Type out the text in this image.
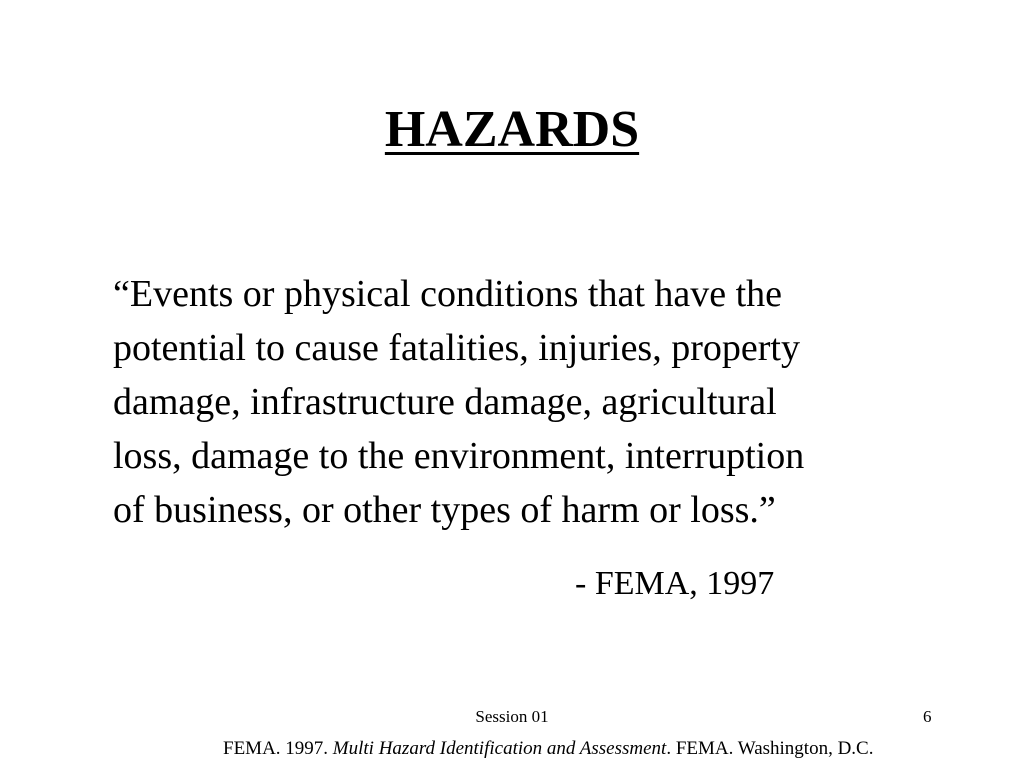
HAZARDS
“Events or physical conditions that have the
potential to cause fatalities, injuries, property
damage, infrastructure damage, agricultural
loss, damage to the environment, interruption
of business, or other types of harm or loss.”
- FEMA, 1997
Session 01	6
FEMA. 1997. Multi Hazard Identification and Assessment. FEMA. Washington, D.C.
